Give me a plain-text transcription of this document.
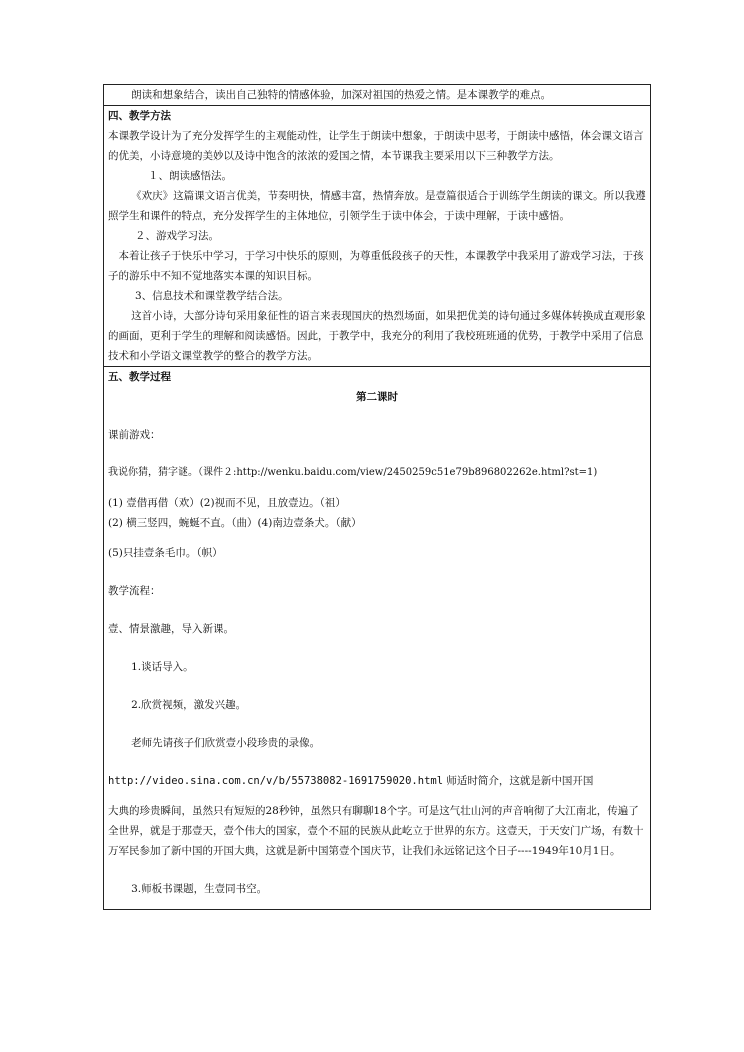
朗读和想象结合，读出自己独特的情感体验，加深对祖国的热爱之情。是本课教学的难点。

四、教学方法

本课教学设计为了充分发挥学生的主观能动性，让学生于朗读中想象，于朗读中思考，于朗读中感悟，体会课文语言的优美，小诗意境的美妙以及诗中饱含的浓浓的爱国之情，本节课我主要采用以下三种教学方法。

１、朗读感悟法。

《欢庆》这篇课文语言优美，节奏明快，情感丰富，热情奔放。是壹篇很适合于训练学生朗读的课文。所以我遵照学生和课件的特点，充分发挥学生的主体地位，引领学生于读中体会，于读中理解，于读中感悟。

２、游戏学习法。

本着让孩子于快乐中学习，于学习中快乐的原则，为尊重低段孩子的天性，本课教学中我采用了游戏学习法，于孩子的游乐中不知不觉地落实本课的知识目标。

3、信息技术和课堂教学结合法。

这首小诗，大部分诗句采用象征性的语言来表现国庆的热烈场面，如果把优美的诗句通过多媒体转换成直观形象的画面，更利于学生的理解和阅读感悟。因此，于教学中，我充分的利用了我校班班通的优势，于教学中采用了信息技术和小学语文课堂教学的整合的教学方法。

五、教学过程

第二课时

课前游戏：

我说你猜，猜字谜。（课件２:http://wenku.baidu.com/view/2450259c51e79b896802262e.html?st=1)

(1) 壹借再借（欢）(2)视而不见，且放壹边。（祖）

(2) 横三竖四，蜿蜒不直。（曲）(4)南边壹条犬。（献）

(5)只挂壹条毛巾。（帜）

教学流程：

壹、情景激趣，导入新课。

1.谈话导入。

2.欣赏视频，激发兴趣。

老师先请孩子们欣赏壹小段珍贵的录像。

http://video.sina.com.cn/v/b/55738082-1691759020.html 师适时简介，这就是新中国开国

大典的珍贵瞬间，虽然只有短短的28秒钟，虽然只有聊聊18个字。可是这气壮山河的声音响彻了大江南北，传遍了全世界，就是于那壹天，壹个伟大的国家，壹个不屈的民族从此屹立于世界的东方。这壹天，于天安门广场，有数十万军民参加了新中国的开国大典，这就是新中国第壹个国庆节，让我们永远铭记这个日子----1949年10月1日。

3.师板书课题，生壹同书空。
